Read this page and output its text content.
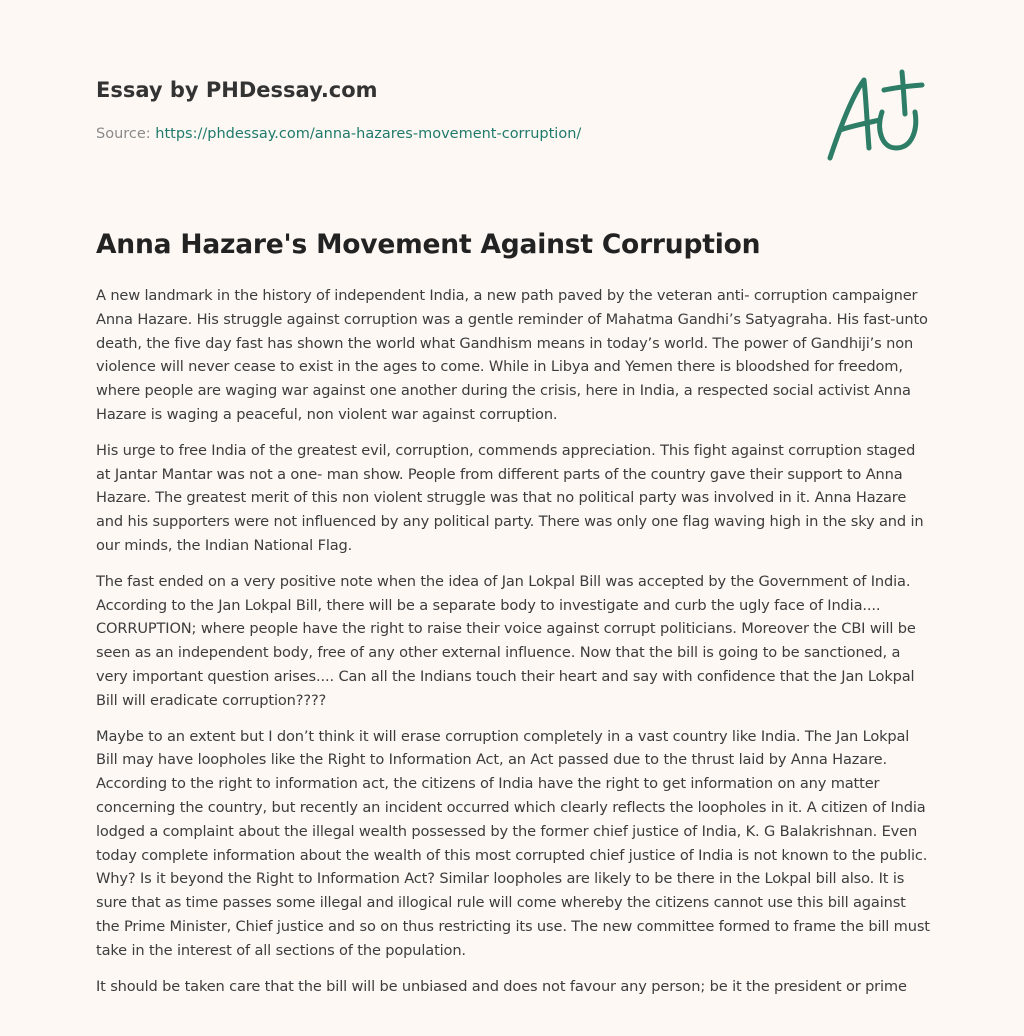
Essay by PHDessay.com
Source: https://phdessay.com/anna-hazares-movement-corruption/
Anna Hazare's Movement Against Corruption

A new landmark in the history of independent India, a new path paved by the veteran anti- corruption campaigner Anna Hazare. His struggle against corruption was a gentle reminder of Mahatma Gandhi’s Satyagraha. His fast-unto death, the five day fast has shown the world what Gandhism means in today’s world. The power of Gandhiji’s non violence will never cease to exist in the ages to come. While in Libya and Yemen there is bloodshed for freedom, where people are waging war against one another during the crisis, here in India, a respected social activist Anna Hazare is waging a peaceful, non violent war against corruption.

His urge to free India of the greatest evil, corruption, commends appreciation. This fight against corruption staged at Jantar Mantar was not a one- man show. People from different parts of the country gave their support to Anna Hazare. The greatest merit of this non violent struggle was that no political party was involved in it. Anna Hazare and his supporters were not influenced by any political party. There was only one flag waving high in the sky and in our minds, the Indian National Flag.

The fast ended on a very positive note when the idea of Jan Lokpal Bill was accepted by the Government of India. According to the Jan Lokpal Bill, there will be a separate body to investigate and curb the ugly face of India.... CORRUPTION; where people have the right to raise their voice against corrupt politicians. Moreover the CBI will be seen as an independent body, free of any other external influence. Now that the bill is going to be sanctioned, a very important question arises.... Can all the Indians touch their heart and say with confidence that the Jan Lokpal Bill will eradicate corruption????

Maybe to an extent but I don’t think it will erase corruption completely in a vast country like India. The Jan Lokpal Bill may have loopholes like the Right to Information Act, an Act passed due to the thrust laid by Anna Hazare. According to the right to information act, the citizens of India have the right to get information on any matter concerning the country, but recently an incident occurred which clearly reflects the loopholes in it. A citizen of India lodged a complaint about the illegal wealth possessed by the former chief justice of India, K. G Balakrishnan. Even today complete information about the wealth of this most corrupted chief justice of India is not known to the public. Why? Is it beyond the Right to Information Act? Similar loopholes are likely to be there in the Lokpal bill also. It is sure that as time passes some illegal and illogical rule will come whereby the citizens cannot use this bill against the Prime Minister, Chief justice and so on thus restricting its use. The new committee formed to frame the bill must take in the interest of all sections of the population.

It should be taken care that the bill will be unbiased and does not favour any person; be it the president or prime
